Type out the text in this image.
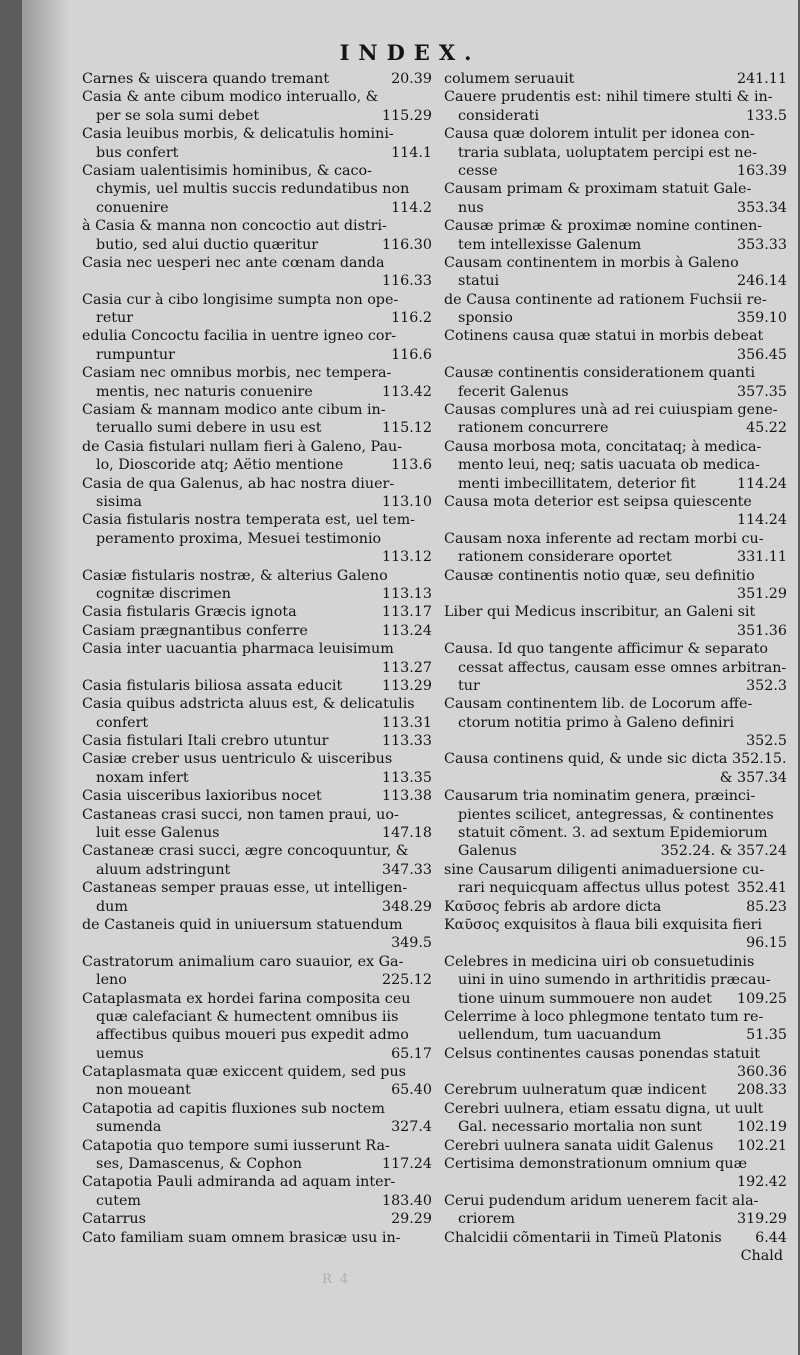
INDEX.
Carnes & uiscera quando tremant	20.39
Casia & ante cibum modico interuallo, &
per se sola sumi debet	115.29
Casia leuibus morbis, & delicatulis homini-
bus confert	114.1
Casiam ualentisimis hominibus, & caco-
chymis, uel multis succis redundatibus non
conuenire	114.2
à Casia & manna non concoctio aut distri-
butio, sed alui ductio quæritur	116.30
Casia nec uesperi nec ante cœnam danda
116.33
Casia cur à cibo longisime sumpta non ope-
retur	116.2
edulia Concoctu facilia in uentre igneo cor-
rumpuntur	116.6
Casiam nec omnibus morbis, nec tempera-
mentis, nec naturis conuenire	113.42
Casiam & mannam modico ante cibum in-
teruallo sumi debere in usu est	115.12
de Casia fistulari nullam fieri à Galeno, Pau-
lo, Dioscoride atq; Aëtio mentione	113.6
Casia de qua Galenus, ab hac nostra diuer-
sisima	113.10
Casia fistularis nostra temperata est, uel tem-
peramento proxima, Mesuei testimonio
113.12
Casiæ fistularis nostræ, & alterius Galeno
cognitæ discrimen	113.13
Casia fistularis Græcis ignota	113.17
Casiam prægnantibus conferre	113.24
Casia inter uacuantia pharmaca leuisimum
113.27
Casia fistularis biliosa assata educit	113.29
Casia quibus adstricta aluus est, & delicatulis
confert	113.31
Casia fistulari Itali crebro utuntur	113.33
Casiæ creber usus uentriculo & uisceribus
noxam infert	113.35
Casia uisceribus laxioribus nocet	113.38
Castaneas crasi succi, non tamen praui, uo-
luit esse Galenus	147.18
Castaneæ crasi succi, ægre concoquuntur, &
aluum adstringunt	347.33
Castaneas semper prauas esse, ut intelligen-
dum	348.29
de Castaneis quid in uniuersum statuendum
349.5
Castratorum animalium caro suauior, ex Ga-
leno	225.12
Cataplasmata ex hordei farina composita ceu
quæ calefaciant & humectent omnibus iis
affectibus quibus moueri pus expedit admo
uemus	65.17
Cataplasmata quæ exiccent quidem, sed pus
non moueant	65.40
Catapotia ad capitis fluxiones sub noctem
sumenda	327.4
Catapotia quo tempore sumi iusserunt Ra-
ses, Damascenus, & Cophon	117.24
Catapotia Pauli admiranda ad aquam inter-
cutem	183.40
Catarrus	29.29
Cato familiam suam omnem brasicæ usu in-
columem seruauit	241.11
Cauere prudentis est: nihil timere stulti & in-
considerati	133.5
Causa quæ dolorem intulit per idonea con-
traria sublata, uoluptatem percipi est ne-
cesse	163.39
Causam primam & proximam statuit Gale-
nus	353.34
Causæ primæ & proximæ nomine continen-
tem intellexisse Galenum	353.33
Causam continentem in morbis à Galeno
statui	246.14
de Causa continente ad rationem Fuchsii re-
sponsio	359.10
Cotinens causa quæ statui in morbis debeat
356.45
Causæ continentis considerationem quanti
fecerit Galenus	357.35
Causas complures unà ad rei cuiuspiam gene-
rationem concurrere	45.22
Causa morbosa mota, concitataq; à medica-
mento leui, neq; satis uacuata ob medica-
menti imbecillitatem, deterior fit	114.24
Causa mota deterior est seipsa quiescente
114.24
Causam noxa inferente ad rectam morbi cu-
rationem considerare oportet	331.11
Causæ continentis notio quæ, seu definitio
351.29
Liber qui Medicus inscribitur, an Galeni sit
351.36
Causa. Id quo tangente afficimur & separato
cessat affectus, causam esse omnes arbitran-
tur	352.3
Causam continentem lib. de Locorum affe-
ctorum notitia primo à Galeno definiri
352.5
Causa continens quid, & unde sic dicta 352.15.
& 357.34
Causarum tria nominatim genera, præinci-
pientes scilicet, antegressas, & continentes
statuit cõment. 3. ad sextum Epidemiorum
Galenus	352.24. & 357.24
sine Causarum diligenti animaduersione cu-
rari nequicquam affectus ullus potest 352.41
Καῦσος febris ab ardore dicta	85.23
Καῦσος exquisitos à flaua bili exquisita fieri
96.15
Celebres in medicina uiri ob consuetudinis
uini in uino sumendo in arthritidis præcau-
tione uinum summouere non audet	109.25
Celerrime à loco phlegmone tentato tum re-
uellendum, tum uacuandum	51.35
Celsus continentes causas ponendas statuit
360.36
Cerebrum uulneratum quæ indicent	208.33
Cerebri uulnera, etiam essatu digna, ut uult
Gal. necessario mortalia non sunt	102.19
Cerebri uulnera sanata uidit Galenus	102.21
Certisima demonstrationum omnium quæ
192.42
Cerui pudendum aridum uenerem facit ala-
criorem	319.29
Chalcidii cõmentarii in Timeũ Platonis	6.44
Chald
R 4
